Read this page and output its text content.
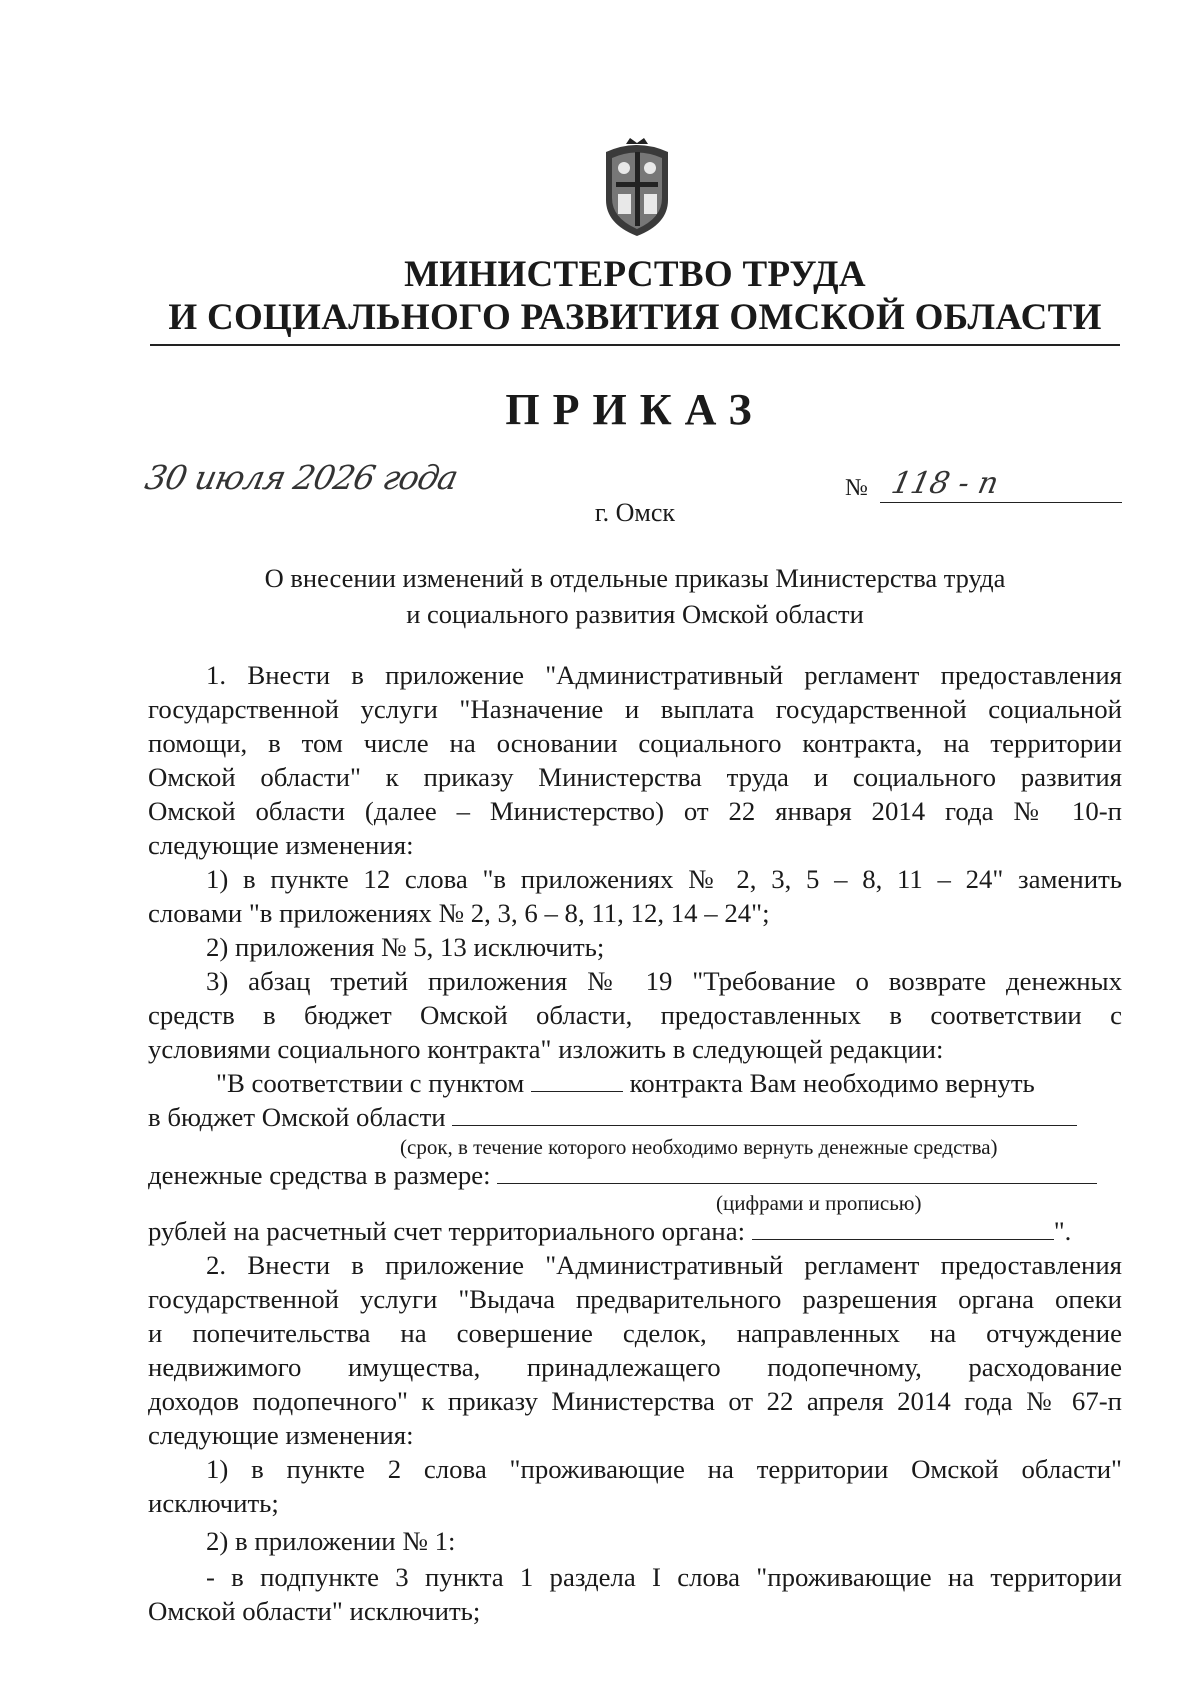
МИНИСТЕРСТВО ТРУДА
И СОЦИАЛЬНОГО РАЗВИТИЯ ОМСКОЙ ОБЛАСТИ
ПРИКАЗ
30 июля 2026 года	№ 118 - п
г. Омск
О внесении изменений в отдельные приказы Министерства труда
и социального развития Омской области
1. Внести в приложение "Административный регламент предоставления
государственной услуги "Назначение и выплата государственной социальной
помощи, в том числе на основании социального контракта, на территории
Омской области" к приказу Министерства труда и социального развития
Омской области (далее – Министерство) от 22 января 2014 года № 10-п
следующие изменения:
1) в пункте 12 слова "в приложениях № 2, 3, 5 – 8, 11 – 24" заменить
словами "в приложениях № 2, 3, 6 – 8, 11, 12, 14 – 24";
2) приложения № 5, 13 исключить;
3) абзац третий приложения № 19 "Требование о возврате денежных
средств в бюджет Омской области, предоставленных в соответствии с
условиями социального контракта" изложить в следующей редакции:
"В соответствии с пунктом	контракта Вам необходимо вернуть
в бюджет Омской области
(срок, в течение которого необходимо вернуть денежные средства)
денежные средства в размере:
(цифрами и прописью)
рублей на расчетный счет территориального органа:	".
2. Внести в приложение "Административный регламент предоставления
государственной услуги "Выдача предварительного разрешения органа опеки
и попечительства на совершение сделок, направленных на отчуждение
недвижимого имущества, принадлежащего подопечному, расходование
доходов подопечного" к приказу Министерства от 22 апреля 2014 года № 67-п
следующие изменения:
1) в пункте 2 слова "проживающие на территории Омской области"
исключить;
2) в приложении № 1:
- в подпункте 3 пункта 1 раздела I слова "проживающие на территории
Омской области" исключить;
